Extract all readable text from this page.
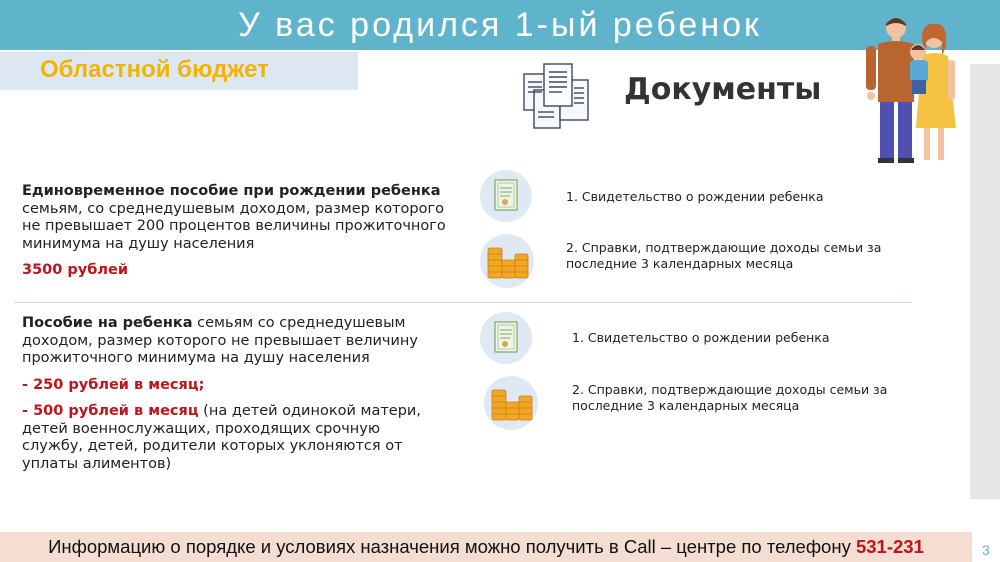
У вас родился 1-ый ребенок
Областной бюджет
Документы
Единовременное пособие при рождении ребенка
семьям, со среднедушевым доходом, размер которого не превышает 200 процентов величины прожиточного минимума на душу населения
3500 рублей
1. Свидетельство о рождении ребенка
2. Справки, подтверждающие доходы семьи за последние 3 календарных месяца
Пособие на ребенка семьям со среднедушевым доходом, размер которого не превышает величину прожиточного минимума на душу населения
- 250 рублей в месяц;
- 500 рублей в месяц (на детей одинокой матери, детей военнослужащих, проходящих срочную службу, детей, родители которых уклоняются от уплаты алиментов)
1. Свидетельство о рождении ребенка
2. Справки, подтверждающие доходы семьи за последние 3 календарных месяца
Информацию о порядке и условиях назначения можно получить в Call – центре по телефону 531-231	3
